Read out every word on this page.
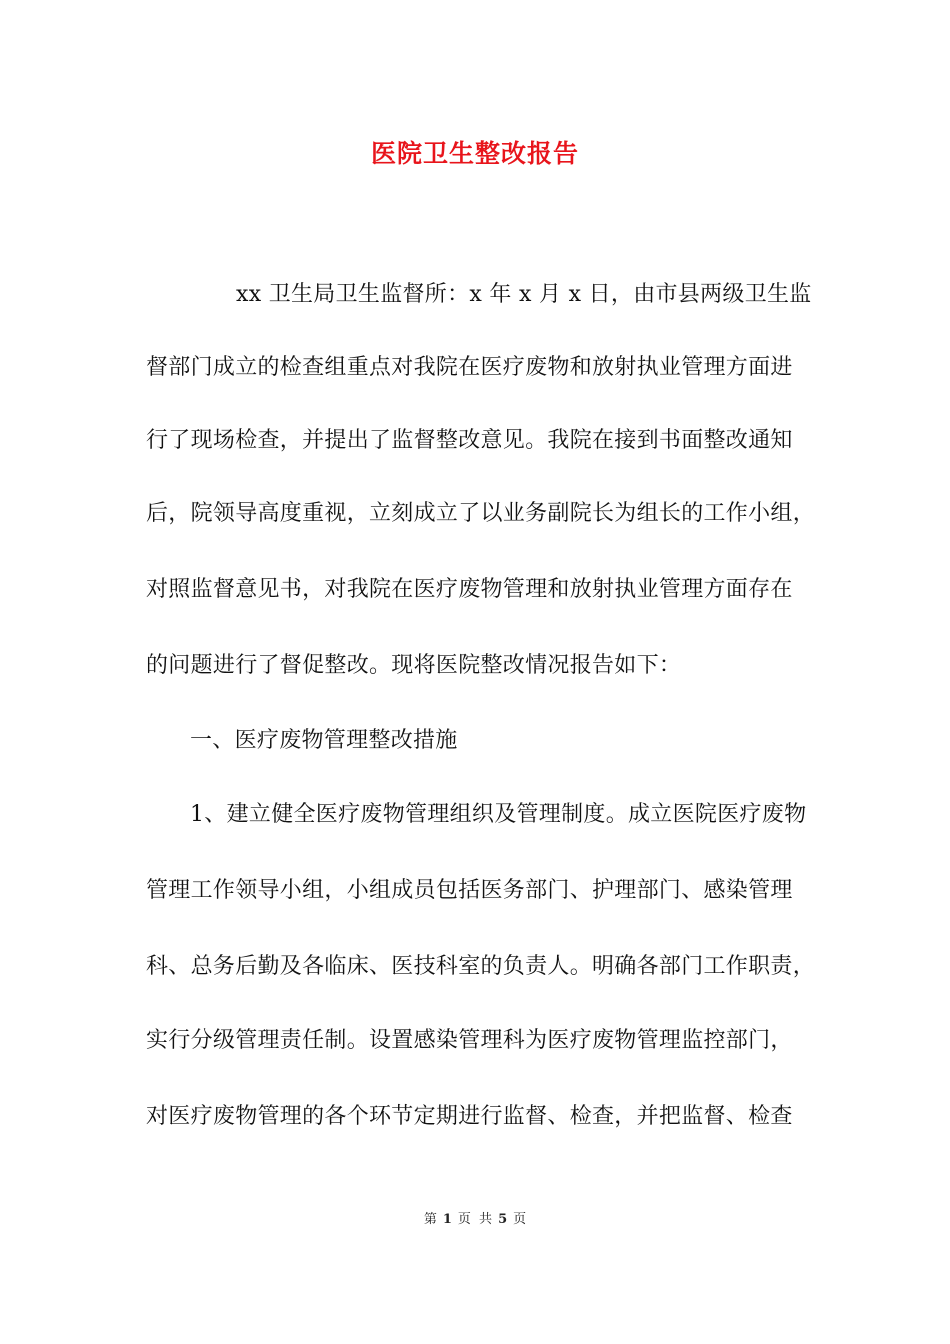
医院卫生整改报告
xx 卫生局卫生监督所：x 年 x 月 x 日，由市县两级卫生监
督部门成立的检查组重点对我院在医疗废物和放射执业管理方面进
行了现场检查，并提出了监督整改意见。我院在接到书面整改通知
后，院领导高度重视，立刻成立了以业务副院长为组长的工作小组，
对照监督意见书，对我院在医疗废物管理和放射执业管理方面存在
的问题进行了督促整改。现将医院整改情况报告如下：
一、医疗废物管理整改措施
1、建立健全医疗废物管理组织及管理制度。成立医院医疗废物
管理工作领导小组，小组成员包括医务部门、护理部门、感染管理
科、总务后勤及各临床、医技科室的负责人。明确各部门工作职责，
实行分级管理责任制。设置感染管理科为医疗废物管理监控部门，
对医疗废物管理的各个环节定期进行监督、检查，并把监督、检查
第 1 页 共 5 页
